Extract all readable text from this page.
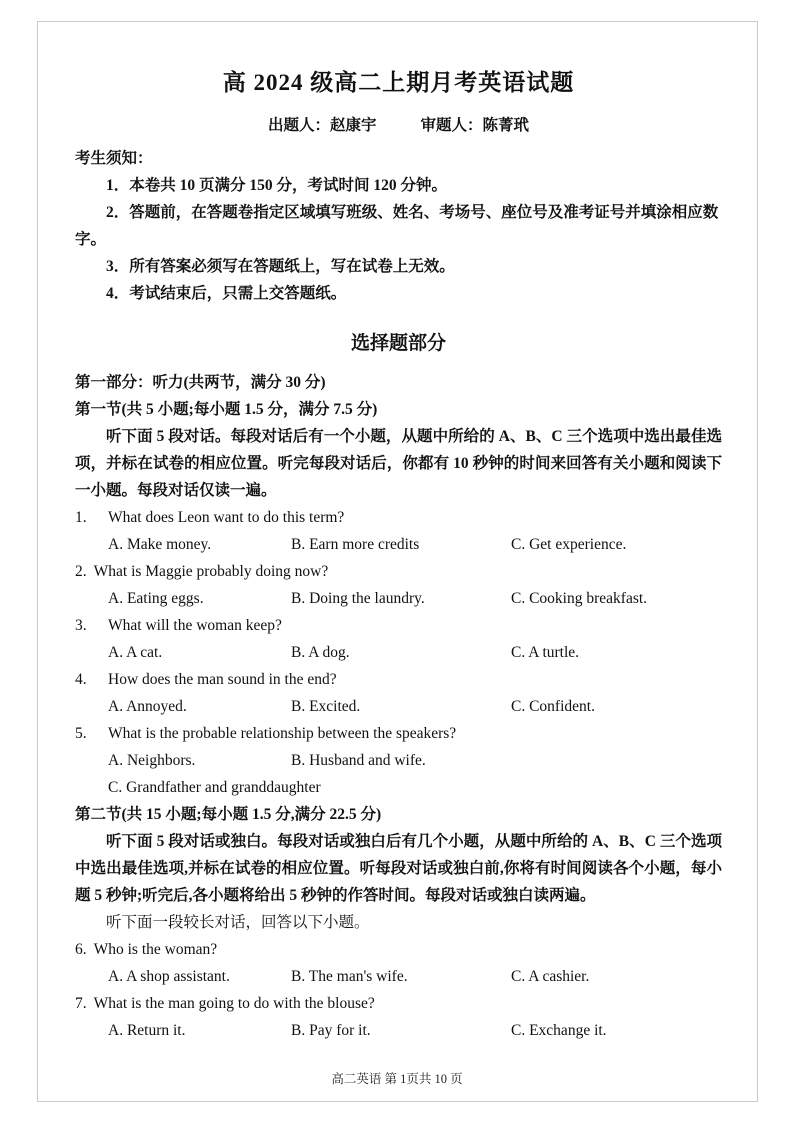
高 2024 级高二上期月考英语试题
出题人：赵康宇	审题人：陈菁玳

考生须知：

1．本卷共 10 页满分 150 分，考试时间 120 分钟。

2．答题前，在答题卷指定区域填写班级、姓名、考场号、座位号及准考证号并填涂相应数字。

3．所有答案必须写在答题纸上，写在试卷上无效。

4．考试结束后，只需上交答题纸。

选择题部分

第一部分：听力(共两节，满分 30 分)

第一节(共 5 小题;每小题 1.5 分，满分 7.5 分)

听下面 5 段对话。每段对话后有一个小题，从题中所给的 A、B、C 三个选项中选出最佳选项，并标在试卷的相应位置。听完每段对话后，你都有 10 秒钟的时间来回答有关小题和阅读下一小题。每段对话仅读一遍。

1. What does Leon want to do this term?
A. Make money.	B. Earn more credits	C. Get experience.
2. What is Maggie probably doing now?
A. Eating eggs.	B. Doing the laundry.	C. Cooking breakfast.
3. What will the woman keep?
A. A cat.	B. A dog.	C. A turtle.
4. How does the man sound in the end?
A. Annoyed.	B. Excited.	C. Confident.
5. What is the probable relationship between the speakers?
A. Neighbors.	B. Husband and wife.
C. Grandfather and granddaughter

第二节(共 15 小题;每小题 1.5 分,满分 22.5 分)

听下面 5 段对话或独白。每段对话或独白后有几个小题，从题中所给的 A、B、C 三个选项中选出最佳选项,并标在试卷的相应位置。听每段对话或独白前,你将有时间阅读各个小题，每小题 5 秒钟;听完后,各小题将给出 5 秒钟的作答时间。每段对话或独白读两遍。

听下面一段较长对话，回答以下小题。

6. Who is the woman?
A. A shop assistant.	B. The man's wife.	C. A cashier.
7. What is the man going to do with the blouse?
A. Return it.	B. Pay for it.	C. Exchange it.
高二英语 第 1页共 10 页
